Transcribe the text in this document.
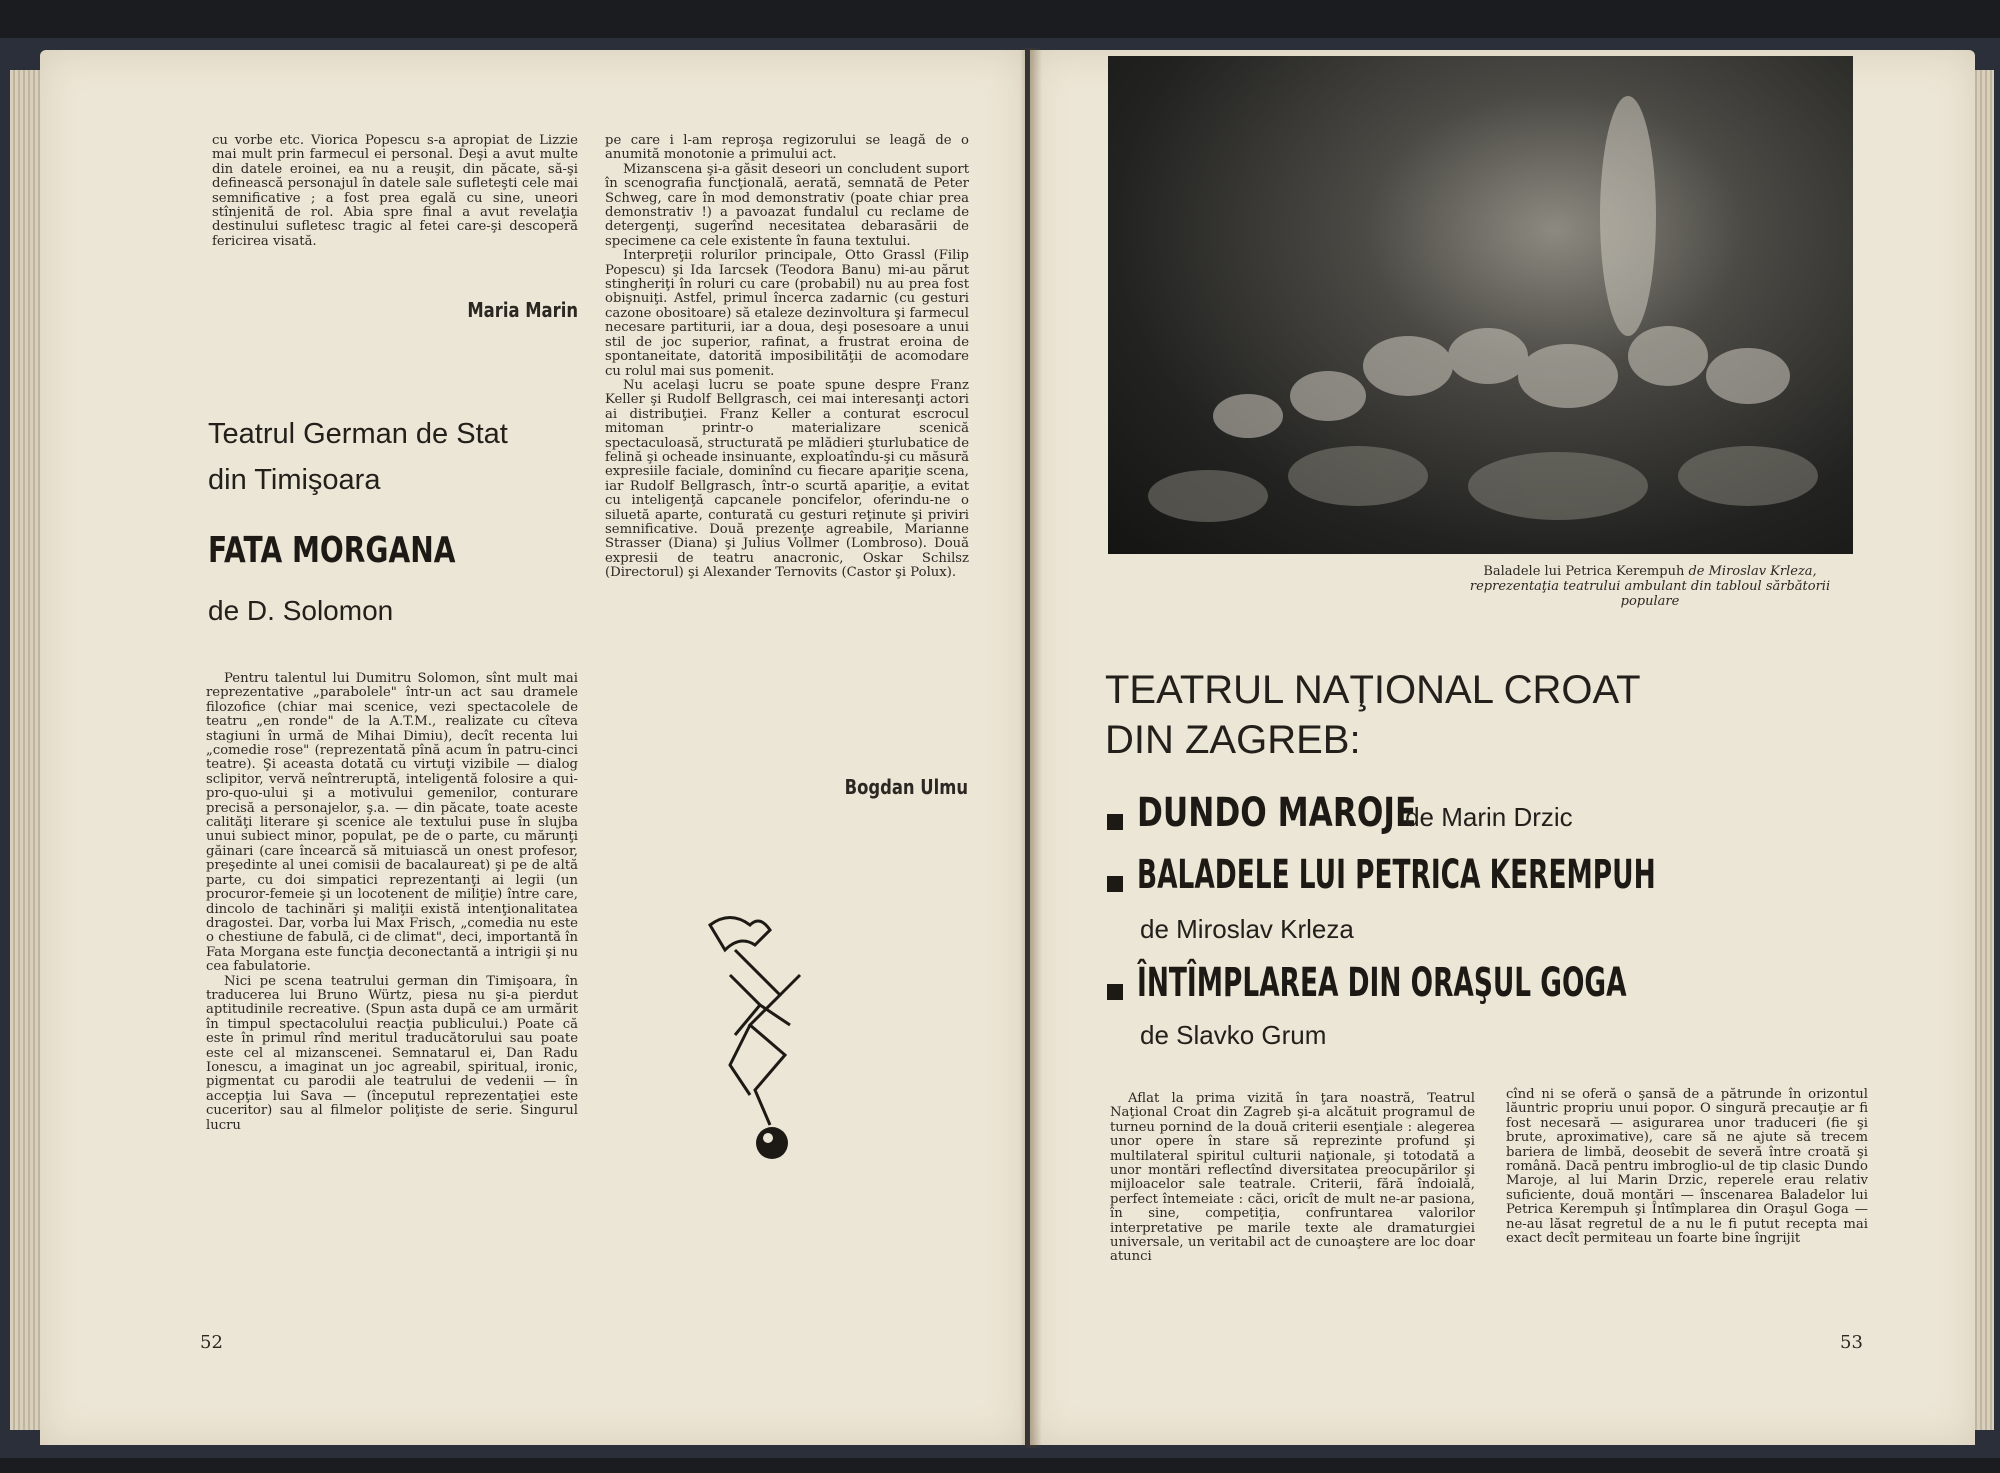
cu vorbe etc. Viorica Popescu s-a apropiat de Lizzie mai mult prin farmecul ei personal. Deşi a avut multe din datele eroinei, ea nu a reuşit, din păcate, să-şi definească personajul în datele sale sufleteşti cele mai semnificative ; a fost prea egală cu sine, uneori stînjenită de rol. Abia spre final a avut revelaţia destinului sufletesc tragic al fetei care-şi descoperă fericirea visată.

Maria Marin
Teatrul German de Stat
din Timişoara
FATA MORGANA
de D. Solomon

Pentru talentul lui Dumitru Solomon, sînt mult mai reprezentative „parabolele" într-un act sau dramele filozofice (chiar mai scenice, vezi spectacolele de teatru „en ronde" de la A.T.M., realizate cu cîteva stagiuni în urmă de Mihai Dimiu), decît recenta lui „comedie rose" (reprezentată pînă acum în patru-cinci teatre). Şi aceasta dotată cu virtuţi vizibile — dialog sclipitor, vervă neîntreruptă, inteligentă folosire a qui-pro-quo-ului şi a motivului gemenilor, conturare precisă a personajelor, ş.a. — din păcate, toate aceste calităţi literare şi scenice ale textului puse în slujba unui subiect minor, populat, pe de o parte, cu mărunţi găinari (care încearcă să mituiască un onest profesor, preşedinte al unei comisii de bacalaureat) şi pe de altă parte, cu doi simpatici reprezentanţi ai legii (un procuror-femeie şi un locotenent de miliţie) între care, dincolo de tachinări şi maliţii există intenţionalitatea dragostei. Dar, vorba lui Max Frisch, „comedia nu este o chestiune de fabulă, ci de climat", deci, importantă în Fata Morgana este funcţia deconectantă a intrigii şi nu cea fabulatorie.

Nici pe scena teatrului german din Timişoara, în traducerea lui Bruno Würtz, piesa nu şi-a pierdut aptitudinile recreative. (Spun asta după ce am urmărit în timpul spectacolului reacţia publicului.) Poate că este în primul rînd meritul traducătorului sau poate este cel al mizanscenei. Semnatarul ei, Dan Radu Ionescu, a imaginat un joc agreabil, spiritual, ironic, pigmentat cu parodii ale teatrului de vedenii — în accepţia lui Sava — (începutul reprezentaţiei este cuceritor) sau al filmelor poliţiste de serie. Singurul lucru

pe care i l-am reproşa regizorului se leagă de o anumită monotonie a primului act.

Mizanscena şi-a găsit deseori un concludent suport în scenografia funcţională, aerată, semnată de Peter Schweg, care în mod demonstrativ (poate chiar prea demonstrativ !) a pavoazat fundalul cu reclame de detergenţi, sugerînd necesitatea debarasării de specimene ca cele existente în fauna textului.

Interpreţii rolurilor principale, Otto Grassl (Filip Popescu) şi Ida Iarcsek (Teodora Banu) mi-au părut stingheriţi în roluri cu care (probabil) nu au prea fost obişnuiţi. Astfel, primul încerca zadarnic (cu gesturi cazone obositoare) să etaleze dezinvoltura şi farmecul necesare partiturii, iar a doua, deşi posesoare a unui stil de joc superior, rafinat, a frustrat eroina de spontaneitate, datorită imposibilităţii de acomodare cu rolul mai sus pomenit.

Nu acelaşi lucru se poate spune despre Franz Keller şi Rudolf Bellgrasch, cei mai interesanţi actori ai distribuţiei. Franz Keller a conturat escrocul mitoman printr-o materializare scenică spectaculoasă, structurată pe mlădieri şturlubatice de felină şi ocheade insinuante, exploatîndu-şi cu măsură expresiile faciale, dominînd cu fiecare apariţie scena, iar Rudolf Bellgrasch, într-o scurtă apariţie, a evitat cu inteligenţă capcanele poncifelor, oferindu-ne o siluetă aparte, conturată cu gesturi reţinute şi priviri semnificative. Două prezenţe agreabile, Marianne Strasser (Diana) şi Julius Vollmer (Lombroso). Două expresii de teatru anacronic, Oskar Schilsz (Directorul) şi Alexander Ternovits (Castor şi Polux).

Bogdan Ulmu
52
Baladele lui Petrica Kerempuh de Miroslav Krleza, reprezentaţia teatrului ambulant din tabloul sărbătorii populare
TEATRUL NAŢIONAL CROAT
DIN ZAGREB:
DUNDO MAROJEde Marin Drzic
BALADELE LUI PETRICA KEREMPUH
de Miroslav Krleza
ÎNTÎMPLAREA DIN ORAŞUL GOGA
de Slavko Grum

Aflat la prima vizită în ţara noastră, Teatrul Naţional Croat din Zagreb şi-a alcătuit programul de turneu pornind de la două criterii esenţiale : alegerea unor opere în stare să reprezinte profund şi multilateral spiritul culturii naţionale, şi totodată a unor montări reflectînd diversitatea preocupărilor şi mijloacelor sale teatrale. Criterii, fără îndoială, perfect întemeiate : căci, oricît de mult ne-ar pasiona, în sine, competiţia, confruntarea valorilor interpretative pe marile texte ale dramaturgiei universale, un veritabil act de cunoaştere are loc doar atunci

cînd ni se oferă o şansă de a pătrunde în orizontul lăuntric propriu unui popor. O singură precauţie ar fi fost necesară — asigurarea unor traduceri (fie şi brute, aproximative), care să ne ajute să trecem bariera de limbă, deosebit de severă între croată şi română. Dacă pentru imbroglio-ul de tip clasic Dundo Maroje, al lui Marin Drzic, reperele erau relativ suficiente, două montări — înscenarea Baladelor lui Petrica Kerempuh şi Întîmplarea din Oraşul Goga — ne-au lăsat regretul de a nu le fi putut recepta mai exact decît permiteau un foarte bine îngrijit

53
